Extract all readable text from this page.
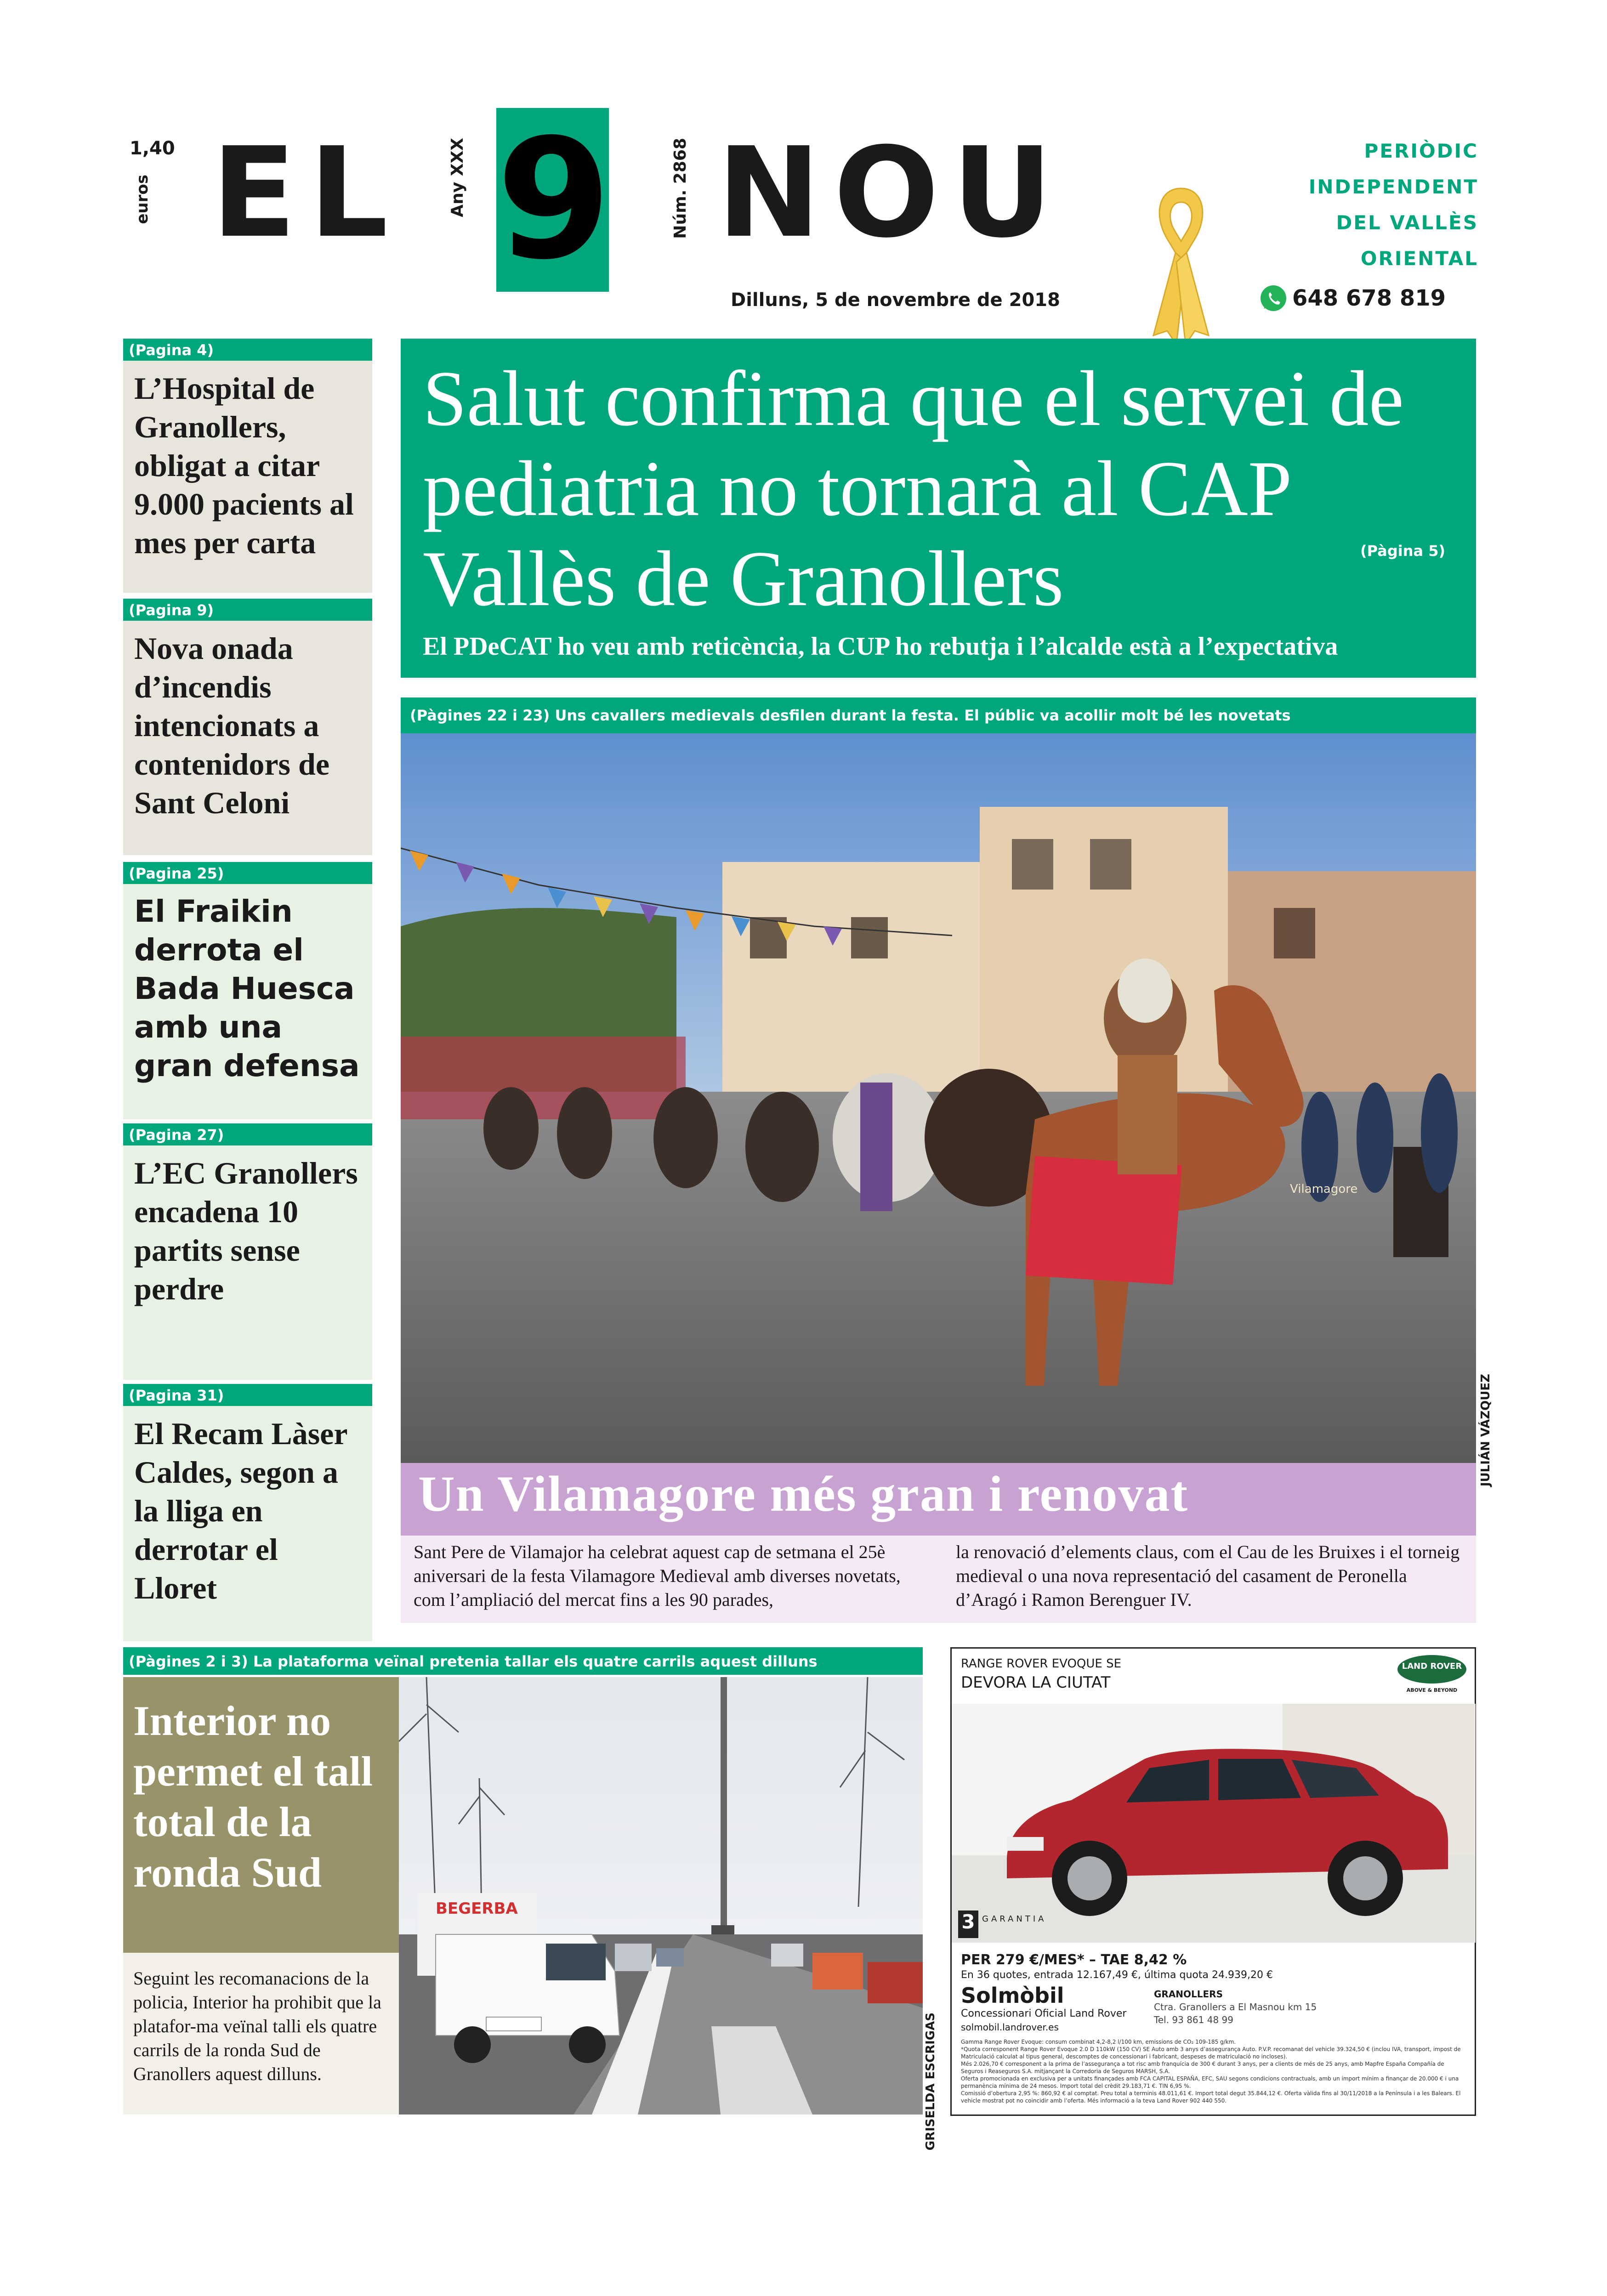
1,40
euros EL	Any XXX 9	Núm. 2868 NOU
Dilluns, 5 de novembre de 2018
PERIÒDIC
INDEPENDENT
DEL VALLÈS
ORIENTAL
648 678 819
(Pagina 4)
L’Hospital de Granollers, obligat a citar 9.000 pacients al mes per carta
(Pagina 9)
Nova onada d’incendis intencionats a contenidors de Sant Celoni
(Pagina 25)
El Fraikin derrota el Bada Huesca amb una gran defensa
(Pagina 27)
L’EC Granollers encadena 10 partits sense perdre
(Pagina 31)
El Recam Làser Caldes, segon a la lliga en derrotar el Lloret
Salut confirma que el servei de pediatria no tornarà al CAP Vallès de Granollers	(Pàgina 5)
El PDeCAT ho veu amb reticència, la CUP ho rebutja i l’alcalde està a l’expectativa
(Pàgines 22 i 23) Uns cavallers medievals desfilen durant la festa. El públic va acollir molt bé les novetats
Vilamagore
JULIÁN VÁZQUEZ
Un Vilamagore més gran i renovat
Sant Pere de Vilamajor ha celebrat aquest cap de setmana el 25è aniversari de la festa Vilamagore Medieval amb diverses novetats, com l’ampliació del mercat fins a les 90 parades,
la renovació d’elements claus, com el Cau de les Bruixes i el torneig medieval o una nova representació del casament de Peronella d’Aragó i Ramon Berenguer IV.
(Pàgines 2 i 3) La plataforma veïnal pretenia tallar els quatre carrils aquest dilluns
Interior no permet el tall total de la ronda Sud
Seguint les recomanacions de la policia, Interior ha prohibit que la platafor-ma veïnal talli els quatre carrils de la ronda Sud de Granollers aquest dilluns.
BEGERBA
GRISELDA ESCRIGAS
RANGE ROVER EVOQUE SE
DEVORA LA CIUTAT
LAND ROVER
ABOVE & BEYOND
3 GARANTIA
PER 279 €/MES* – TAE 8,42 %
En 36 quotes, entrada 12.167,49 €, última quota 24.939,20 €
Solmòbil
Concessionari Oficial Land Rover
solmobil.landrover.es
GRANOLLERS
Ctra. Granollers a El Masnou km 15
Tel. 93 861 48 99
Gamma Range Rover Evoque: consum combinat 4,2-8,2 l/100 km, emissions de CO₂ 109-185 g/km.
*Quota corresponent Range Rover Evoque 2.0 D 110kW (150 CV) SE Auto amb 3 anys d’assegurança Auto. P.V.P. recomanat del vehicle 39.324,50 € (inclou IVA, transport, impost de Matriculació calculat al tipus general, descomptes de concessionari i fabricant, despeses de matriculació no incloses).
Més 2.026,70 € corresponent a la prima de l’assegurança a tot risc amb franquícia de 300 € durant 3 anys, per a clients de més de 25 anys, amb Mapfre España Compañía de Seguros i Reaseguros S.A. mitjançant la Corredoria de Seguros MARSH, S.A.
Oferta promocionada en exclusiva per a unitats finançades amb FCA CAPITAL ESPAÑA, EFC, SAU segons condicions contractuals, amb un import mínim a finançar de 20.000 € i una permanència mínima de 24 mesos. Import total del crèdit 29.183,71 €. TIN 6,95 %.
Comissió d’obertura 2,95 %: 860,92 € al comptat. Preu total a terminis 48.011,61 €. Import total degut 35.844,12 €. Oferta vàlida fins al 30/11/2018 a la Península i a les Balears. El vehicle mostrat pot no coincidir amb l’oferta. Més informació a la teva Land Rover 902 440 550.
